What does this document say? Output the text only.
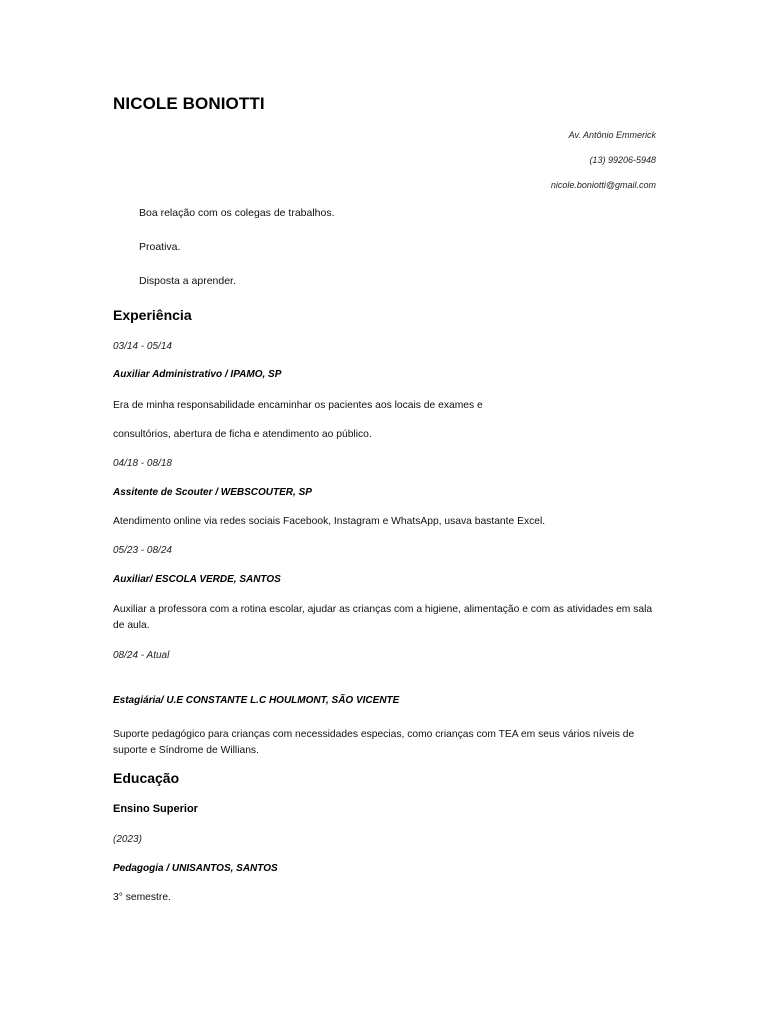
NICOLE BONIOTTI
Av. Antônio Emmerick
(13) 99206-5948
nicole.boniotti@gmail.com
Boa relação com os colegas de trabalhos.
Proativa.
Disposta a aprender.
Experiência
03/14 - 05/14
Auxiliar Administrativo / IPAMO, SP
Era de minha responsabilidade encaminhar os pacientes aos locais de exames e
consultórios, abertura de ficha e atendimento ao público.
04/18 - 08/18
Assitente de Scouter / WEBSCOUTER, SP
Atendimento online via redes sociais Facebook, Instagram e WhatsApp, usava bastante Excel.
05/23 - 08/24
Auxiliar/ ESCOLA VERDE, SANTOS
Auxiliar a professora com a rotina escolar, ajudar as crianças com a higiene, alimentação e com as atividades em sala de aula.
08/24 - Atual
Estagiária/ U.E CONSTANTE L.C HOULMONT, SÃO VICENTE
Suporte pedagógico para crianças com necessidades especias, como crianças com TEA em seus vários níveis de suporte e Síndrome de Willians.
Educação
Ensino Superior
(2023)
Pedagogia / UNISANTOS, SANTOS
3° semestre.
